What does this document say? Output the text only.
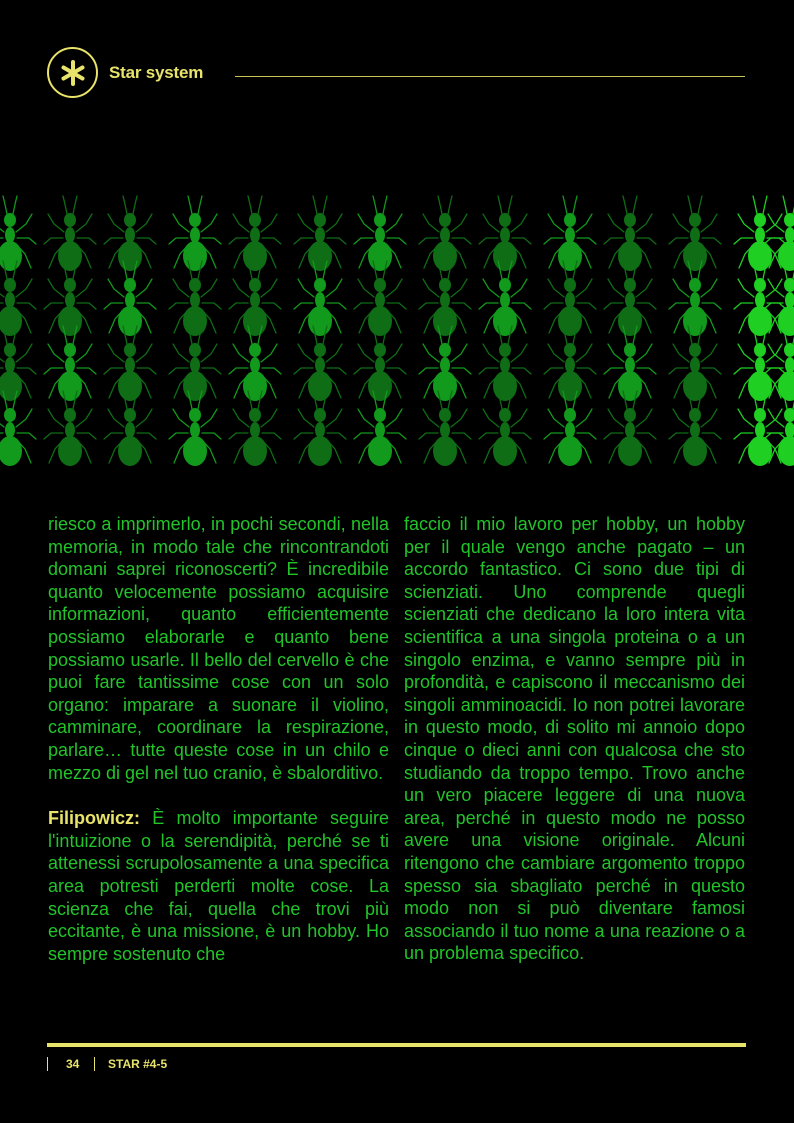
Star system

riesco a imprimerlo, in pochi secondi, nella memoria, in modo tale che rincontrandoti domani saprei riconoscerti? È incredibile quanto velocemente possiamo acquisire informazioni, quanto efficientemente possiamo elaborarle e quanto bene possiamo usarle. Il bello del cervello è che puoi fare tantissime cose con un solo organo: imparare a suonare il violino, camminare, coordinare la respirazione, parlare… tutte queste cose in un chilo e mezzo di gel nel tuo cranio, è sbalorditivo.

Filipowicz: È molto importante seguire l'intuizione o la serendipità, perché se ti attenessi scrupolosamente a una specifica area potresti perderti molte cose. La scienza che fai, quella che trovi più eccitante, è una missione, è un hobby. Ho sempre sostenuto che

faccio il mio lavoro per hobby, un hobby per il quale vengo anche pagato – un accordo fantastico. Ci sono due tipi di scienziati. Uno comprende quegli scienziati che dedicano la loro intera vita scientifica a una singola proteina o a un singolo enzima, e vanno sempre più in profondità, e capiscono il meccanismo dei singoli amminoacidi. Io non potrei lavorare in questo modo, di solito mi annoio dopo cinque o dieci anni con qualcosa che sto studiando da troppo tempo. Trovo anche un vero piacere leggere di una nuova area, perché in questo modo ne posso avere una visione originale. Alcuni ritengono che cambiare argomento troppo spesso sia sbagliato perché in questo modo non si può diventare famosi associando il tuo nome a una reazione o a un problema specifico.

34 STAR #4-5
